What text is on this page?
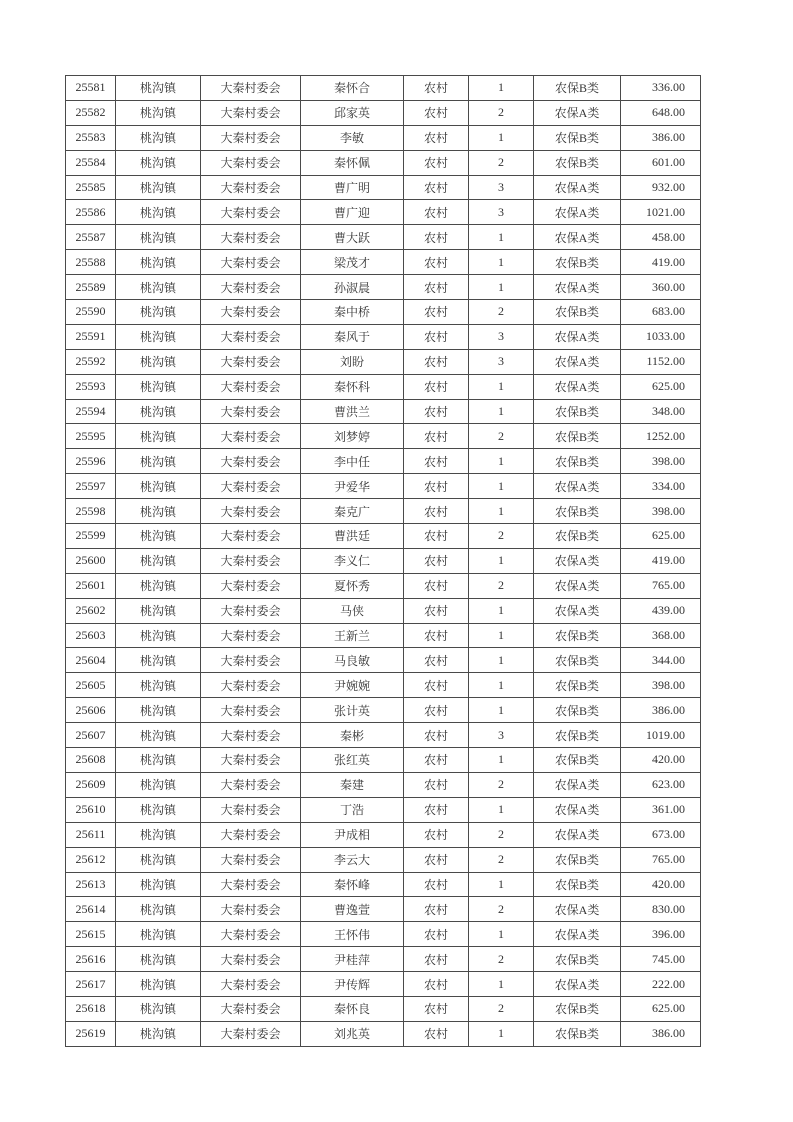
25581	桃沟镇	大秦村委会	秦怀合	农村	1	农保B类	336.00
25582	桃沟镇	大秦村委会	邱家英	农村	2	农保A类	648.00
25583	桃沟镇	大秦村委会	李敏	农村	1	农保B类	386.00
25584	桃沟镇	大秦村委会	秦怀佩	农村	2	农保B类	601.00
25585	桃沟镇	大秦村委会	曹广明	农村	3	农保A类	932.00
25586	桃沟镇	大秦村委会	曹广迎	农村	3	农保A类	1021.00
25587	桃沟镇	大秦村委会	曹大跃	农村	1	农保A类	458.00
25588	桃沟镇	大秦村委会	梁茂才	农村	1	农保B类	419.00
25589	桃沟镇	大秦村委会	孙淑晨	农村	1	农保A类	360.00
25590	桃沟镇	大秦村委会	秦中桥	农村	2	农保B类	683.00
25591	桃沟镇	大秦村委会	秦风于	农村	3	农保A类	1033.00
25592	桃沟镇	大秦村委会	刘盼	农村	3	农保A类	1152.00
25593	桃沟镇	大秦村委会	秦怀科	农村	1	农保A类	625.00
25594	桃沟镇	大秦村委会	曹洪兰	农村	1	农保B类	348.00
25595	桃沟镇	大秦村委会	刘梦婷	农村	2	农保B类	1252.00
25596	桃沟镇	大秦村委会	李中任	农村	1	农保B类	398.00
25597	桃沟镇	大秦村委会	尹爱华	农村	1	农保A类	334.00
25598	桃沟镇	大秦村委会	秦克广	农村	1	农保B类	398.00
25599	桃沟镇	大秦村委会	曹洪廷	农村	2	农保B类	625.00
25600	桃沟镇	大秦村委会	李义仁	农村	1	农保A类	419.00
25601	桃沟镇	大秦村委会	夏怀秀	农村	2	农保A类	765.00
25602	桃沟镇	大秦村委会	马侠	农村	1	农保A类	439.00
25603	桃沟镇	大秦村委会	王新兰	农村	1	农保B类	368.00
25604	桃沟镇	大秦村委会	马良敏	农村	1	农保B类	344.00
25605	桃沟镇	大秦村委会	尹婉婉	农村	1	农保B类	398.00
25606	桃沟镇	大秦村委会	张计英	农村	1	农保B类	386.00
25607	桃沟镇	大秦村委会	秦彬	农村	3	农保B类	1019.00
25608	桃沟镇	大秦村委会	张红英	农村	1	农保B类	420.00
25609	桃沟镇	大秦村委会	秦建	农村	2	农保A类	623.00
25610	桃沟镇	大秦村委会	丁浩	农村	1	农保A类	361.00
25611	桃沟镇	大秦村委会	尹成相	农村	2	农保A类	673.00
25612	桃沟镇	大秦村委会	李云大	农村	2	农保B类	765.00
25613	桃沟镇	大秦村委会	秦怀峰	农村	1	农保B类	420.00
25614	桃沟镇	大秦村委会	曹逸萱	农村	2	农保A类	830.00
25615	桃沟镇	大秦村委会	王怀伟	农村	1	农保A类	396.00
25616	桃沟镇	大秦村委会	尹桂萍	农村	2	农保B类	745.00
25617	桃沟镇	大秦村委会	尹传辉	农村	1	农保A类	222.00
25618	桃沟镇	大秦村委会	秦怀良	农村	2	农保B类	625.00
25619	桃沟镇	大秦村委会	刘兆英	农村	1	农保B类	386.00
